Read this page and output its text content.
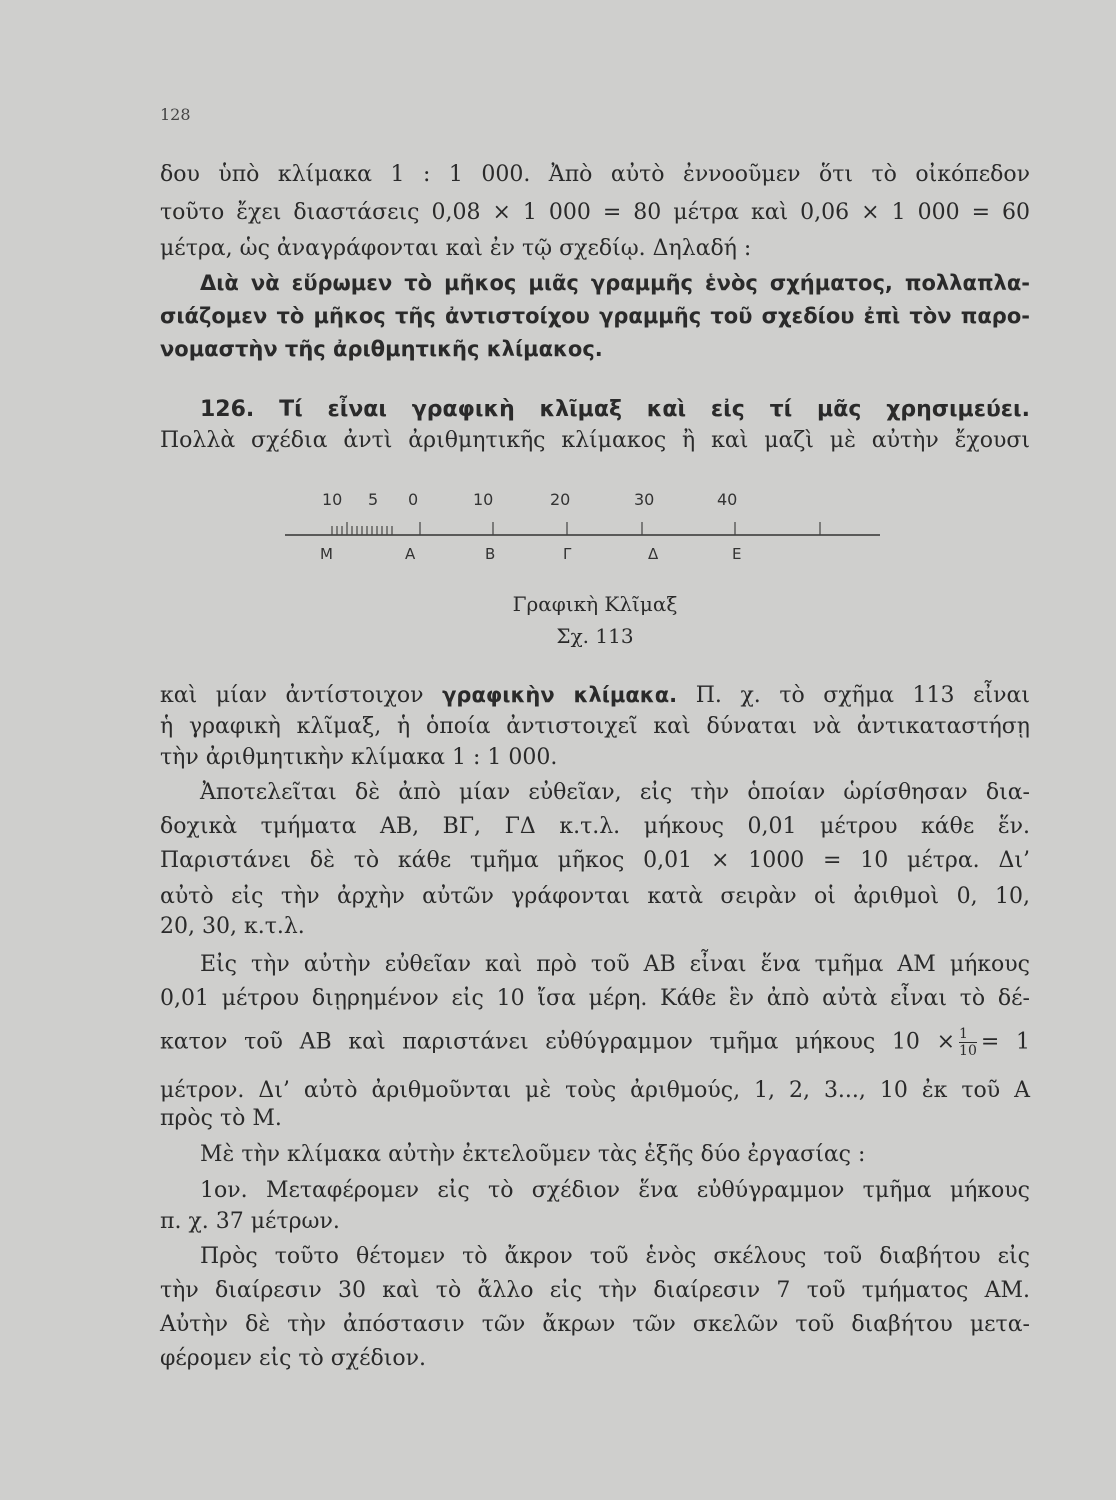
128
δου ὑπὸ κλίμακα 1 : 1 000. Ἀπὸ αὐτὸ ἐννοοῦμεν ὅτι τὸ οἰκόπεδον
τοῦτο ἔχει διαστάσεις 0,08 × 1 000 = 80 μέτρα καὶ 0,06 × 1 000 = 60
μέτρα, ὡς ἀναγράφονται καὶ ἐν τῷ σχεδίῳ. Δηλαδή :
Διὰ νὰ εὕρωμεν τὸ μῆκος μιᾶς γραμμῆς ἑνὸς σχήματος, πολλαπλα-
σιάζομεν τὸ μῆκος τῆς ἀντιστοίχου γραμμῆς τοῦ σχεδίου ἐπὶ τὸν παρο-
νομαστὴν τῆς ἀριθμητικῆς κλίμακος.
126. Τί εἶναι γραφικὴ κλῖμαξ καὶ εἰς τί μᾶς χρησιμεύει.
Πολλὰ σχέδια ἀντὶ ἀριθμητικῆς κλίμακος ἢ καὶ μαζὶ μὲ αὐτὴν ἔχουσι
10 5 0	10	20	30	40
Μ	Α	Β	Γ	Δ	Ε
Γραφικὴ Κλῖμαξ
Σχ. 113
καὶ μίαν ἀντίστοιχον γραφικὴν κλίμακα. Π. χ. τὸ σχῆμα 113 εἶναι
ἡ γραφικὴ κλῖμαξ, ἡ ὁποία ἀντιστοιχεῖ καὶ δύναται νὰ ἀντικαταστήσῃ
τὴν ἀριθμητικὴν κλίμακα 1 : 1 000.
Ἀποτελεῖται δὲ ἀπὸ μίαν εὐθεῖαν, εἰς τὴν ὁποίαν ὡρίσθησαν δια-
δοχικὰ τμήματα ΑΒ, ΒΓ, ΓΔ κ.τ.λ. μήκους 0,01 μέτρου κάθε ἕν.
Παριστάνει δὲ τὸ κάθε τμῆμα μῆκος 0,01 × 1000 = 10 μέτρα. Δι’
αὐτὸ εἰς τὴν ἀρχὴν αὐτῶν γράφονται κατὰ σειρὰν οἱ ἀριθμοὶ 0, 10,
20, 30, κ.τ.λ.
Εἰς τὴν αὐτὴν εὐθεῖαν καὶ πρὸ τοῦ ΑΒ εἶναι ἕνα τμῆμα ΑΜ μήκους
0,01 μέτρου διῃρημένον εἰς 10 ἴσα μέρη. Κάθε ἓν ἀπὸ αὐτὰ εἶναι τὸ δέ-
κατον τοῦ ΑΒ καὶ παριστάνει εὐθύγραμμον τμῆμα μήκους $10 \times \frac{1}{10} = 1$
μέτρον. Δι’ αὐτὸ ἀριθμοῦνται μὲ τοὺς ἀριθμούς, 1, 2, 3..., 10 ἐκ τοῦ Α
πρὸς τὸ Μ.
Μὲ τὴν κλίμακα αὐτὴν ἐκτελοῦμεν τὰς ἑξῆς δύο ἐργασίας :
1ον. Μεταφέρομεν εἰς τὸ σχέδιον ἕνα εὐθύγραμμον τμῆμα μήκους
π. χ. 37 μέτρων.
Πρὸς τοῦτο θέτομεν τὸ ἄκρον τοῦ ἑνὸς σκέλους τοῦ διαβήτου εἰς
τὴν διαίρεσιν 30 καὶ τὸ ἄλλο εἰς τὴν διαίρεσιν 7 τοῦ τμήματος ΑΜ.
Αὐτὴν δὲ τὴν ἀπόστασιν τῶν ἄκρων τῶν σκελῶν τοῦ διαβήτου μετα-
φέρομεν εἰς τὸ σχέδιον.
